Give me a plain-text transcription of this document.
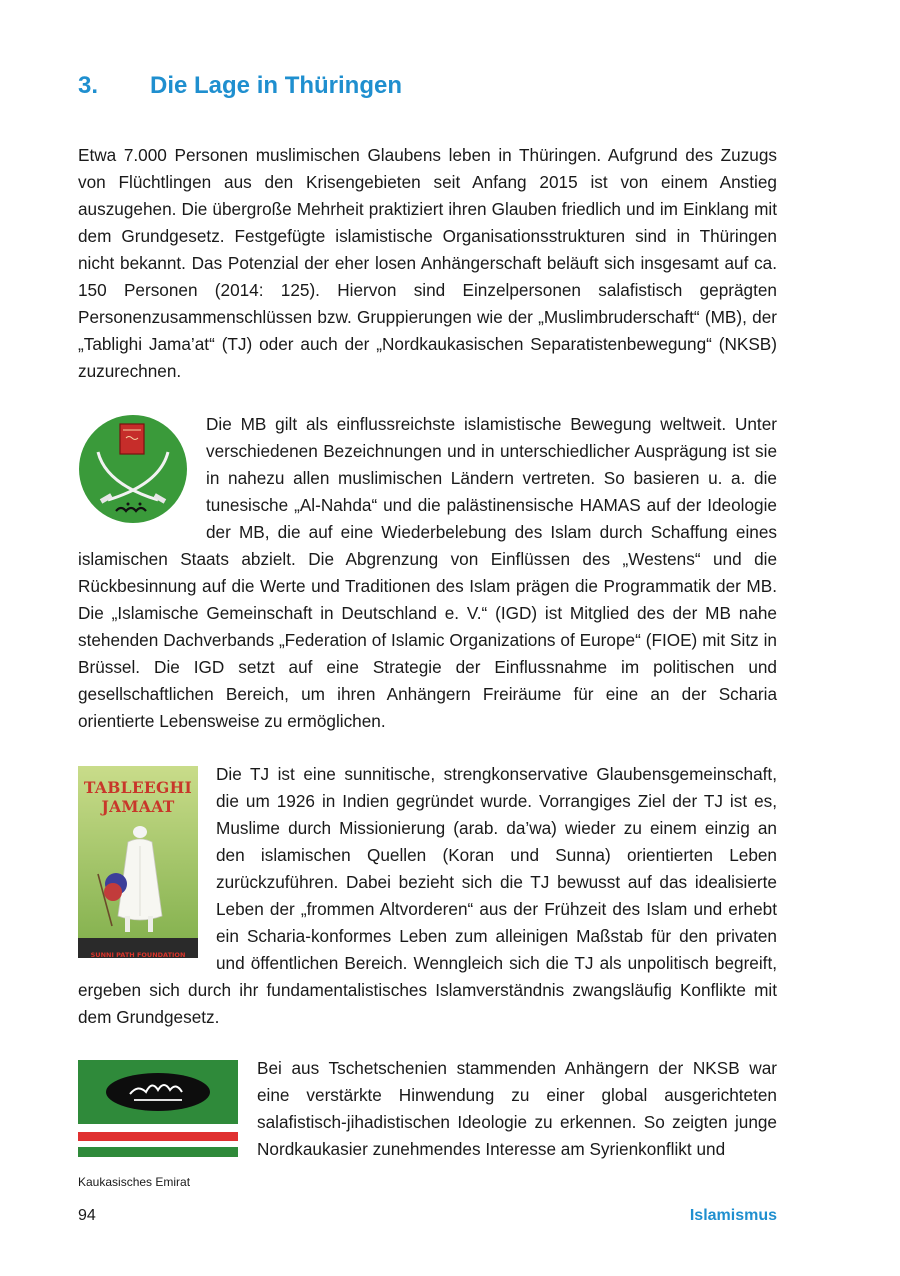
3. Die Lage in Thüringen

Etwa 7.000 Personen muslimischen Glaubens leben in Thüringen. Aufgrund des Zuzugs von Flüchtlingen aus den Krisengebieten seit Anfang 2015 ist von einem Anstieg auszugehen. Die übergroße Mehrheit praktiziert ihren Glauben friedlich und im Einklang mit dem Grundgesetz. Festgefügte islamistische Organisationsstrukturen sind in Thüringen nicht bekannt. Das Potenzial der eher losen Anhängerschaft beläuft sich insgesamt auf ca. 150 Personen (2014: 125). Hiervon sind Einzelpersonen salafistisch geprägten Personenzusammenschlüssen bzw. Gruppierungen wie der „Muslimbruderschaft“ (MB), der „Tablighi Jama’at“ (TJ) oder auch der „Nordkaukasischen Separatistenbewegung“ (NKSB) zuzurechnen.

Die MB gilt als einflussreichste islamistische Bewegung weltweit. Unter verschiedenen Bezeichnungen und in unterschiedlicher Ausprägung ist sie in nahezu allen muslimischen Ländern vertreten. So basieren u. a. die tunesische „Al-Nahda“ und die palästinensische HAMAS auf der Ideologie der MB, die auf eine Wiederbelebung des Islam durch Schaffung eines islamischen Staats abzielt. Die Abgrenzung von Einflüssen des „Westens“ und die Rückbesinnung auf die Werte und Traditionen des Islam prägen die Programmatik der MB. Die „Islamische Gemeinschaft in Deutschland e. V.“ (IGD) ist Mitglied des der MB nahe stehenden Dachverbands „Federation of Islamic Organizations of Europe“ (FIOE) mit Sitz in Brüssel. Die IGD setzt auf eine Strategie der Einflussnahme im politischen und gesellschaftlichen Bereich, um ihren Anhängern Freiräume für eine an der Scharia orientierte Lebensweise zu ermöglichen.
TABLEEGHI
JAMAAT
SUNNI PATH FOUNDATION
Die TJ ist eine sunnitische, strengkonservative Glaubensgemeinschaft, die um 1926 in Indien gegründet wurde. Vorrangiges Ziel der TJ ist es, Muslime durch Missionierung (arab. da’wa) wieder zu einem einzig an den islamischen Quellen (Koran und Sunna) orientierten Leben zurückzuführen. Dabei bezieht sich die TJ bewusst auf das idealisierte Leben der „frommen Altvorderen“ aus der Frühzeit des Islam und erhebt ein Scharia-konformes Leben zum alleinigen Maßstab für den privaten und öffentlichen Bereich. Wenngleich sich die TJ als unpolitisch begreift, ergeben sich durch ihr fundamentalistisches Islamverständnis zwangsläufig Konflikte mit dem Grundgesetz.
Kaukasisches Emirat
Bei aus Tschetschenien stammenden Anhängern der NKSB war eine verstärkte Hinwendung zu einer global ausgerichteten salafistisch-jihadistischen Ideologie zu erkennen. So zeigten junge Nordkaukasier zunehmendes Interesse am Syrienkonflikt und
94	Islamismus
